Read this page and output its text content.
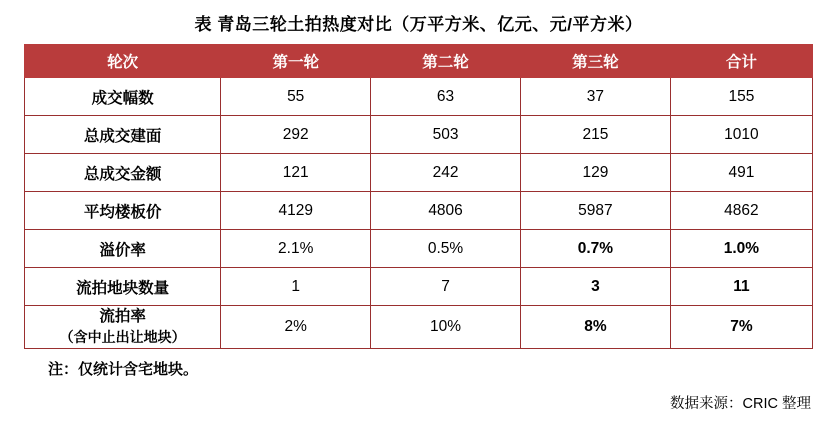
表 青岛三轮土拍热度对比（万平方米、亿元、元/平方米）
轮次	第一轮	第二轮	第三轮	合计
成交幅数	55	63	37	155
总成交建面	292	503	215	1010
总成交金额	121	242	129	491
平均楼板价	4129	4806	5987	4862
溢价率	2.1%	0.5%	0.7%	1.0%
流拍地块数量	1	7	3	11
流拍率
（含中止出让地块）	2%	10%	8%	7%
注：仅统计含宅地块。
数据来源：CRIC 整理
